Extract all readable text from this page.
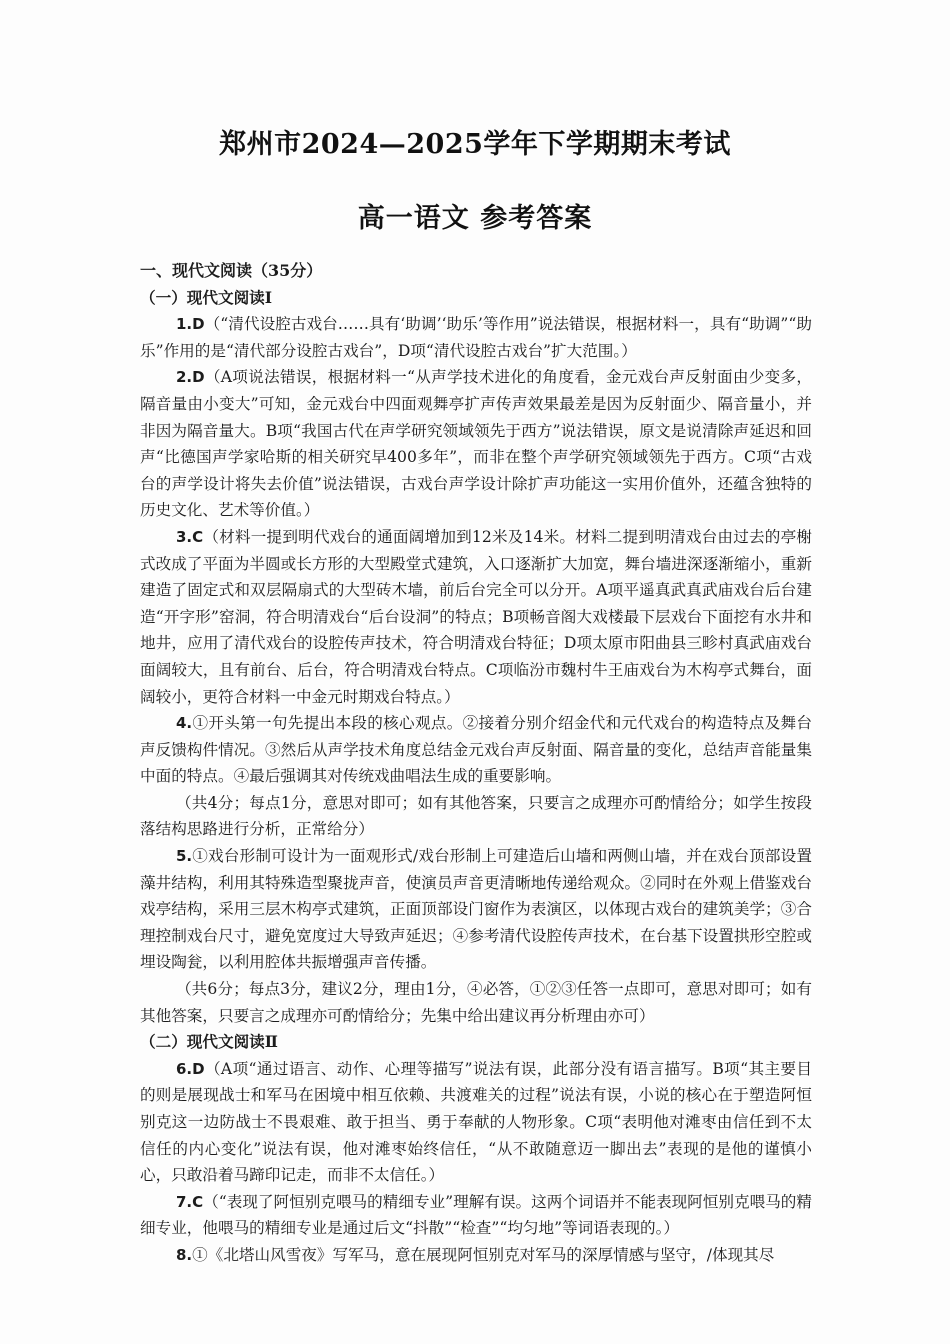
郑州市2024—2025学年下学期期末考试
高一语文 参考答案

一、现代文阅读（35分）

（一）现代文阅读Ⅰ

1.D（“清代设腔古戏台……具有‘助调’‘助乐’等作用”说法错误，根据材料一，具有“助调”“助乐”作用的是“清代部分设腔古戏台”，D项“清代设腔古戏台”扩大范围。）

2.D（A项说法错误，根据材料一“从声学技术进化的角度看，金元戏台声反射面由少变多，隔音量由小变大”可知，金元戏台中四面观舞亭扩声传声效果最差是因为反射面少、隔音量小，并非因为隔音量大。B项“我国古代在声学研究领域领先于西方”说法错误，原文是说清除声延迟和回声“比德国声学家哈斯的相关研究早400多年”，而非在整个声学研究领域领先于西方。C项“古戏台的声学设计将失去价值”说法错误，古戏台声学设计除扩声功能这一实用价值外，还蕴含独特的历史文化、艺术等价值。）

3.C（材料一提到明代戏台的通面阔增加到12米及14米。材料二提到明清戏台由过去的亭榭式改成了平面为半圆或长方形的大型殿堂式建筑，入口逐渐扩大加宽，舞台墙进深逐渐缩小，重新建造了固定式和双层隔扇式的大型砖木墙，前后台完全可以分开。A项平遥真武真武庙戏台后台建造“开字形”窑洞，符合明清戏台“后台设洞”的特点；B项畅音阁大戏楼最下层戏台下面挖有水井和地井，应用了清代戏台的设腔传声技术，符合明清戏台特征；D项太原市阳曲县三畛村真武庙戏台面阔较大，且有前台、后台，符合明清戏台特点。C项临汾市魏村牛王庙戏台为木构亭式舞台，面阔较小，更符合材料一中金元时期戏台特点。）

4.①开头第一句先提出本段的核心观点。②接着分别介绍金代和元代戏台的构造特点及舞台声反馈构件情况。③然后从声学技术角度总结金元戏台声反射面、隔音量的变化，总结声音能量集中面的特点。④最后强调其对传统戏曲唱法生成的重要影响。

（共4分；每点1分，意思对即可；如有其他答案，只要言之成理亦可酌情给分；如学生按段落结构思路进行分析，正常给分）

5.①戏台形制可设计为一面观形式/戏台形制上可建造后山墙和两侧山墙，并在戏台顶部设置藻井结构，利用其特殊造型聚拢声音，使演员声音更清晰地传递给观众。②同时在外观上借鉴戏台戏亭结构，采用三层木构亭式建筑，正面顶部设门窗作为表演区，以体现古戏台的建筑美学；③合理控制戏台尺寸，避免宽度过大导致声延迟；④参考清代设腔传声技术，在台基下设置拱形空腔或埋设陶瓮，以利用腔体共振增强声音传播。

（共6分；每点3分，建议2分，理由1分，④必答，①②③任答一点即可，意思对即可；如有其他答案，只要言之成理亦可酌情给分；先集中给出建议再分析理由亦可）

（二）现代文阅读Ⅱ

6.D（A项“通过语言、动作、心理等描写”说法有误，此部分没有语言描写。B项“其主要目的则是展现战士和军马在困境中相互依赖、共渡难关的过程”说法有误，小说的核心在于塑造阿恒别克这一边防战士不畏艰难、敢于担当、勇于奉献的人物形象。C项“表明他对滩枣由信任到不太信任的内心变化”说法有误，他对滩枣始终信任，“从不敢随意迈一脚出去”表现的是他的谨慎小心，只敢沿着马蹄印记走，而非不太信任。）

7.C（“表现了阿恒别克喂马的精细专业”理解有误。这两个词语并不能表现阿恒别克喂马的精细专业，他喂马的精细专业是通过后文“抖散”“检查”“均匀地”等词语表现的。）

8.①《北塔山风雪夜》写军马，意在展现阿恒别克对军马的深厚情感与坚守，/体现其尽
